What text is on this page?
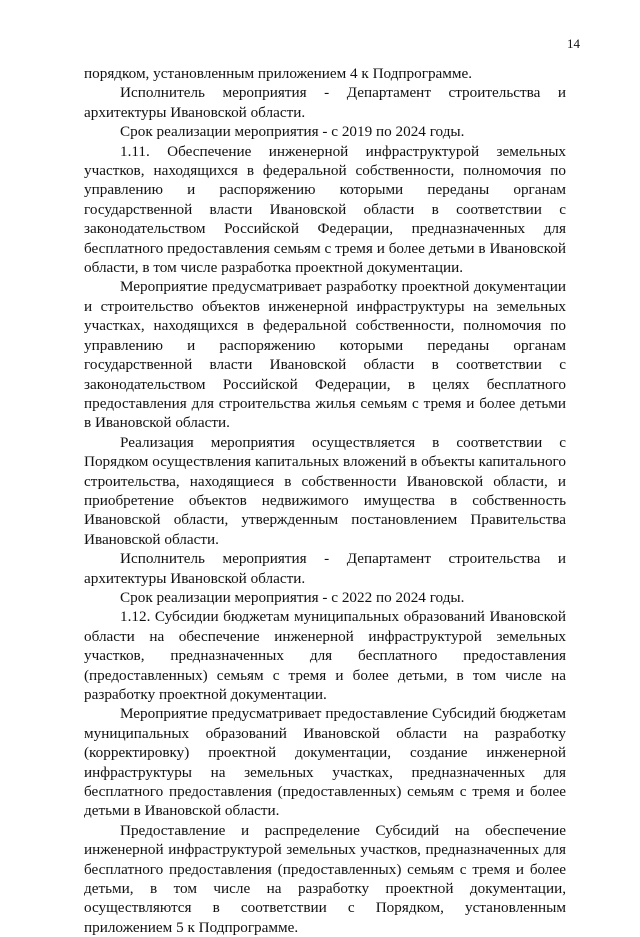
14

порядком, установленным приложением 4 к Подпрограмме.

Исполнитель мероприятия - Департамент строительства и архитектуры Ивановской области.

Срок реализации мероприятия - с 2019 по 2024 годы.

1.11. Обеспечение инженерной инфраструктурой земельных участков, находящихся в федеральной собственности, полномочия по управлению и распоряжению которыми переданы органам государственной власти Ивановской области в соответствии с законодательством Российской Федерации, предназначенных для бесплатного предоставления семьям с тремя и более детьми в Ивановской области, в том числе разработка проектной документации.

Мероприятие предусматривает разработку проектной документации и строительство объектов инженерной инфраструктуры на земельных участках, находящихся в федеральной собственности, полномочия по управлению и распоряжению которыми переданы органам государственной власти Ивановской области в соответствии с законодательством Российской Федерации, в целях бесплатного предоставления для строительства жилья семьям с тремя и более детьми в Ивановской области.

Реализация мероприятия осуществляется в соответствии с Порядком осуществления капитальных вложений в объекты капитального строительства, находящиеся в собственности Ивановской области, и приобретение объектов недвижимого имущества в собственность Ивановской области, утвержденным постановлением Правительства Ивановской области.

Исполнитель мероприятия - Департамент строительства и архитектуры Ивановской области.

Срок реализации мероприятия - с 2022 по 2024 годы.

1.12. Субсидии бюджетам муниципальных образований Ивановской области на обеспечение инженерной инфраструктурой земельных участков, предназначенных для бесплатного предоставления (предоставленных) семьям с тремя и более детьми, в том числе на разработку проектной документации.

Мероприятие предусматривает предоставление Субсидий бюджетам муниципальных образований Ивановской области на разработку (корректировку) проектной документации, создание инженерной инфраструктуры на земельных участках, предназначенных для бесплатного предоставления (предоставленных) семьям с тремя и более детьми в Ивановской области.

Предоставление и распределение Субсидий на обеспечение инженерной инфраструктурой земельных участков, предназначенных для бесплатного предоставления (предоставленных) семьям с тремя и более детьми, в том числе на разработку проектной документации, осуществляются в соответствии с Порядком, установленным приложением 5 к Подпрограмме.
